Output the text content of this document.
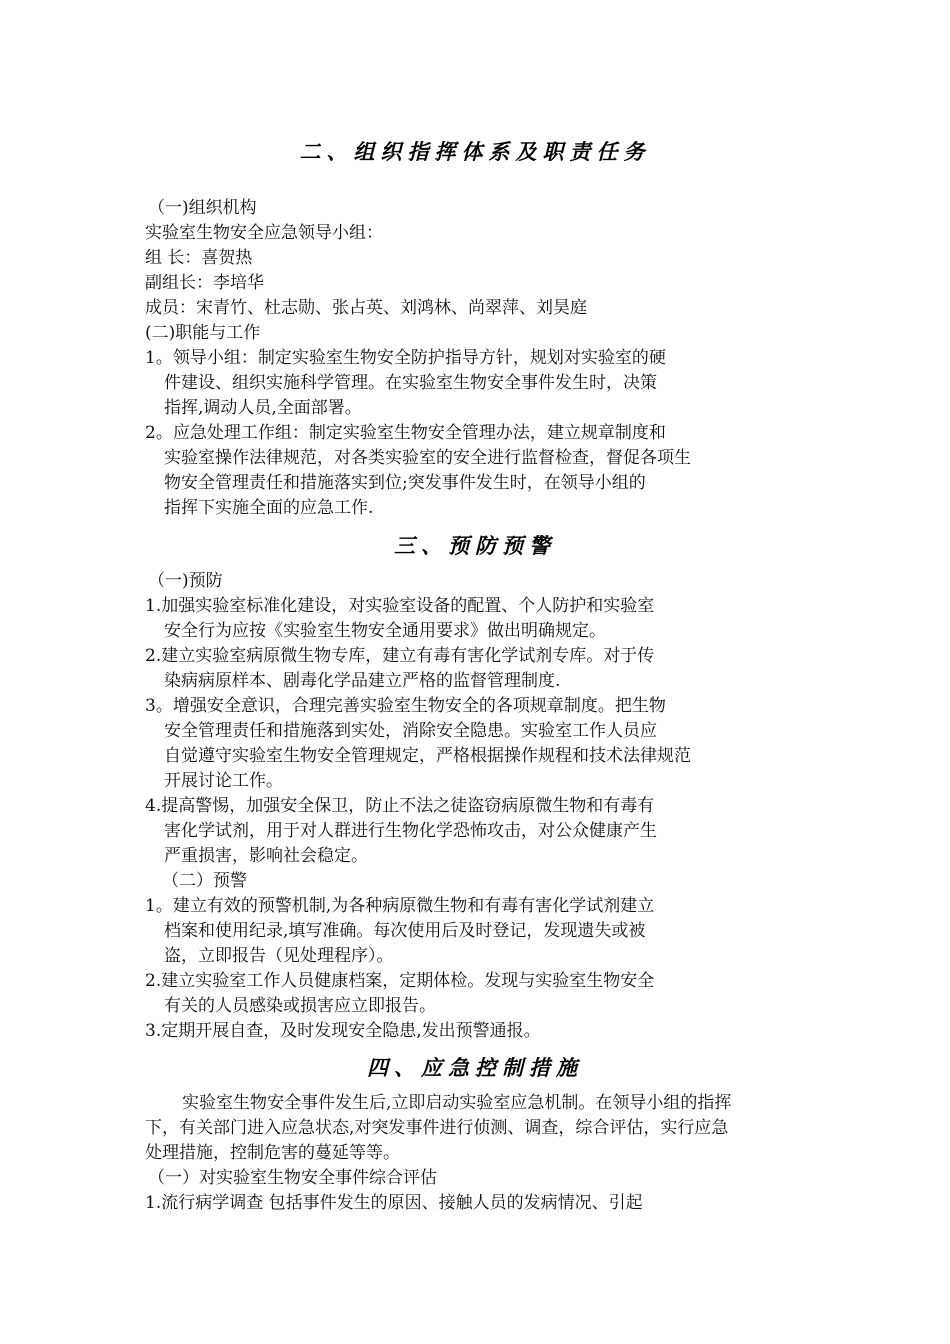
二、组织指挥体系及职责任务
（一)组织机构
实验室生物安全应急领导小组：
组 长：喜贺热
副组长：李培华
成员：宋青竹、杜志勋、张占英、刘鸿林、尚翠萍、刘昊庭
(二)职能与工作
1。领导小组：制定实验室生物安全防护指导方针，规划对实验室的硬
件建设、组织实施科学管理。在实验室生物安全事件发生时，决策
指挥,调动人员,全面部署。
2。应急处理工作组：制定实验室生物安全管理办法，建立规章制度和
实验室操作法律规范，对各类实验室的安全进行监督检查，督促各项生
物安全管理责任和措施落实到位;突发事件发生时，在领导小组的
指挥下实施全面的应急工作.
三、预防预警
（一)预防
1.加强实验室标准化建设，对实验室设备的配置、个人防护和实验室
安全行为应按《实验室生物安全通用要求》做出明确规定。
2.建立实验室病原微生物专库，建立有毒有害化学试剂专库。对于传
染病病原样本、剧毒化学品建立严格的监督管理制度.
3。增强安全意识，合理完善实验室生物安全的各项规章制度。把生物
安全管理责任和措施落到实处，消除安全隐患。实验室工作人员应
自觉遵守实验室生物安全管理规定，严格根据操作规程和技术法律规范
开展讨论工作。
4.提高警惕，加强安全保卫，防止不法之徒盗窃病原微生物和有毒有
害化学试剂，用于对人群进行生物化学恐怖攻击，对公众健康产生
严重损害，影响社会稳定。
（二）预警
1。建立有效的预警机制,为各种病原微生物和有毒有害化学试剂建立
档案和使用纪录,填写准确。每次使用后及时登记，发现遗失或被
盗，立即报告（见处理程序）。
2.建立实验室工作人员健康档案，定期体检。发现与实验室生物安全
有关的人员感染或损害应立即报告。
3.定期开展自查，及时发现安全隐患,发出预警通报。
四、应急控制措施
实验室生物安全事件发生后,立即启动实验室应急机制。在领导小组的指挥
下，有关部门进入应急状态,对突发事件进行侦测、调查，综合评估，实行应急
处理措施，控制危害的蔓延等等。
（一）对实验室生物安全事件综合评估
1.流行病学调查 包括事件发生的原因、接触人员的发病情况、引起
